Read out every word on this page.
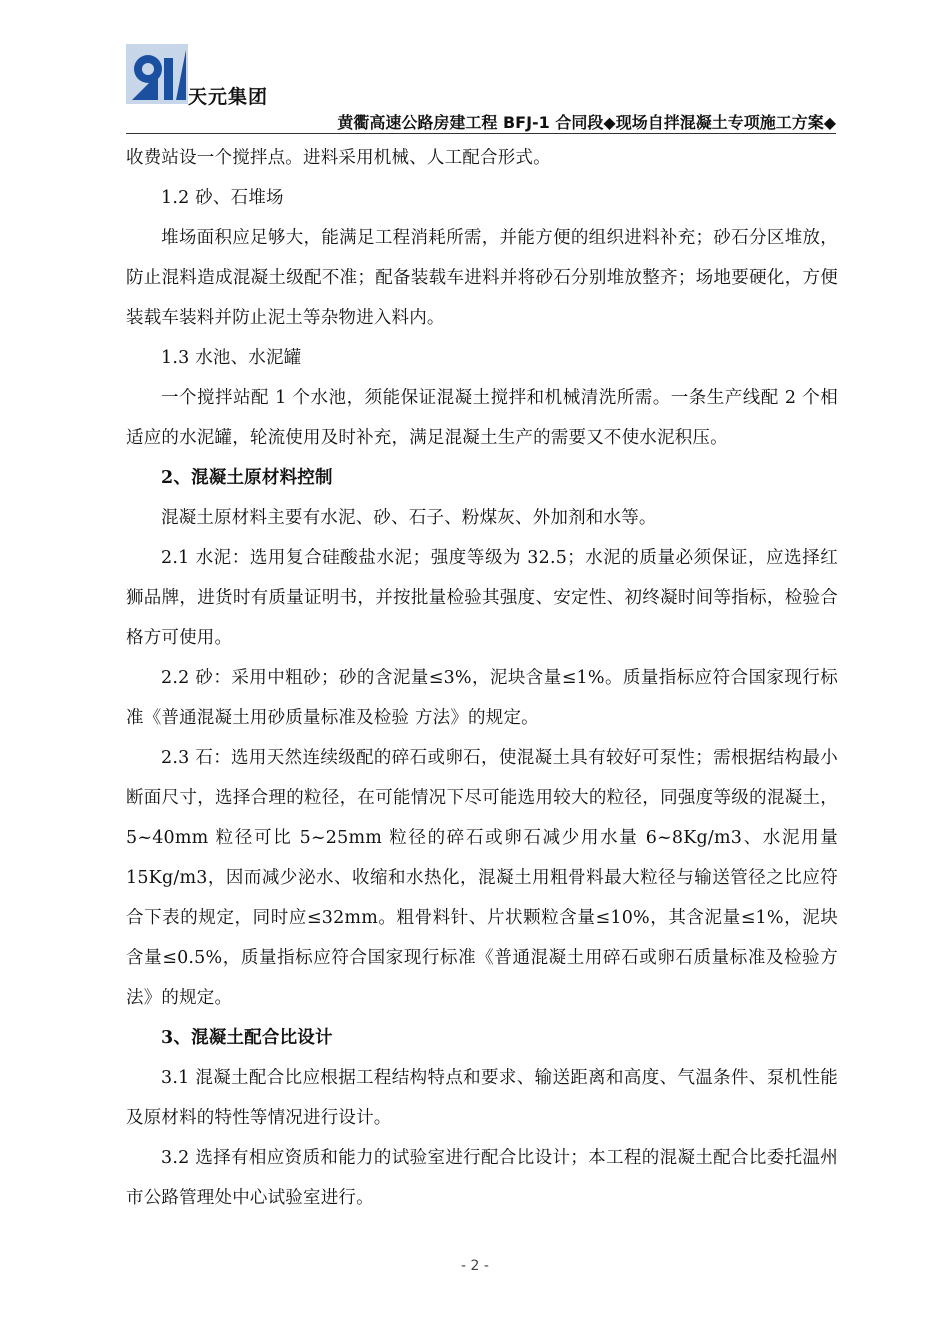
天元集团
黄衢高速公路房建工程 BFJ-1 合同段◆现场自拌混凝土专项施工方案◆

收费站设一个搅拌点。进料采用机械、人工配合形式。

1.2 砂、石堆场

堆场面积应足够大，能满足工程消耗所需，并能方便的组织进料补充；砂石分区堆放，防止混料造成混凝土级配不准；配备装载车进料并将砂石分别堆放整齐；场地要硬化，方便装载车装料并防止泥土等杂物进入料内。

1.3 水池、水泥罐

一个搅拌站配 1 个水池，须能保证混凝土搅拌和机械清洗所需。一条生产线配 2 个相适应的水泥罐，轮流使用及时补充，满足混凝土生产的需要又不使水泥积压。

2、混凝土原材料控制

混凝土原材料主要有水泥、砂、石子、粉煤灰、外加剂和水等。

2.1 水泥：选用复合硅酸盐水泥；强度等级为 32.5；水泥的质量必须保证，应选择红狮品牌，进货时有质量证明书，并按批量检验其强度、安定性、初终凝时间等指标，检验合格方可使用。

2.2 砂：采用中粗砂；砂的含泥量≤3%，泥块含量≤1%。质量指标应符合国家现行标准《普通混凝土用砂质量标准及检验 方法》的规定。

2.3 石：选用天然连续级配的碎石或卵石，使混凝土具有较好可泵性；需根据结构最小断面尺寸，选择合理的粒径，在可能情况下尽可能选用较大的粒径，同强度等级的混凝土，5~40mm 粒径可比 5~25mm 粒径的碎石或卵石减少用水量 6~8Kg/m3、水泥用量 15Kg/m3，因而减少泌水、收缩和水热化，混凝土用粗骨料最大粒径与输送管径之比应符合下表的规定，同时应≤32mm。粗骨料针、片状颗粒含量≤10%，其含泥量≤1%，泥块含量≤0.5%，质量指标应符合国家现行标准《普通混凝土用碎石或卵石质量标准及检验方法》的规定。

3、混凝土配合比设计

3.1 混凝土配合比应根据工程结构特点和要求、输送距离和高度、气温条件、泵机性能及原材料的特性等情况进行设计。

3.2 选择有相应资质和能力的试验室进行配合比设计；本工程的混凝土配合比委托温州市公路管理处中心试验室进行。

- 2 -
